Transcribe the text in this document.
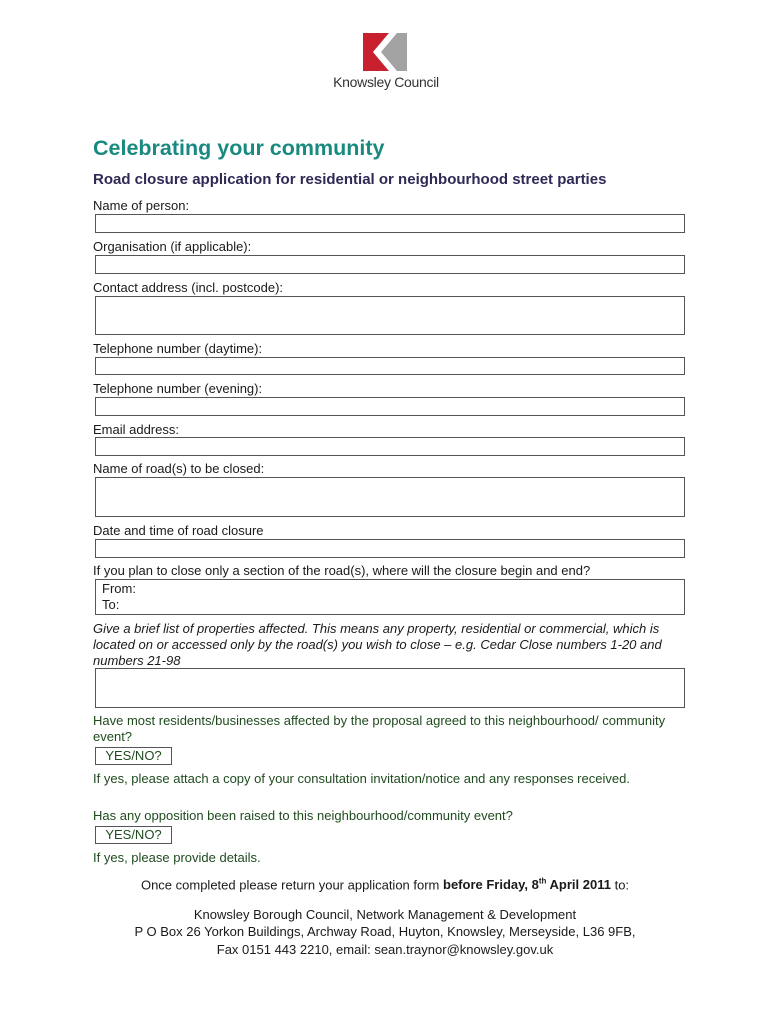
Knowsley Council
Celebrating your community
Road closure application for residential or neighbourhood street parties
Name of person:
Organisation (if applicable):
Contact address (incl. postcode):
Telephone number (daytime):
Telephone number (evening):
Email address:
Name of road(s) to be closed:
Date and time of road closure
If you plan to close only a section of the road(s), where will the closure begin and end?
From:
To:
Give a brief list of properties affected. This means any property, residential or commercial, which is located on or accessed only by the road(s) you wish to close – e.g. Cedar Close numbers 1-20 and numbers 21-98
Have most residents/businesses affected by the proposal agreed to this neighbourhood/ community event?
YES/NO?
If yes, please attach a copy of your consultation invitation/notice and any responses received.
Has any opposition been raised to this neighbourhood/community event?
YES/NO?
If yes, please provide details.
Once completed please return your application form before Friday, 8th April 2011 to:
Knowsley Borough Council, Network Management & Development
P O Box 26 Yorkon Buildings, Archway Road, Huyton, Knowsley, Merseyside, L36 9FB,
Fax 0151 443 2210, email: sean.traynor@knowsley.gov.uk
